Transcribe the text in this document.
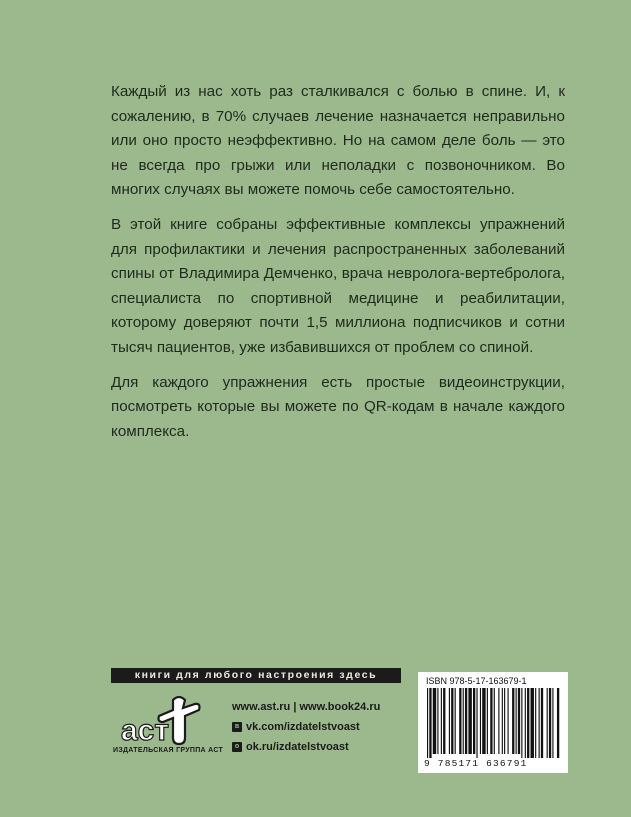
Каждый из нас хоть раз сталкивался с болью в спине. И, к сожалению, в 70% случаев лечение назначается неправильно или оно просто неэффективно. Но на самом деле боль — это не всегда про грыжи или неполадки с позвоночником. Во многих случаях вы можете помочь себе самостоятельно.

В этой книге собраны эффективные комплексы упражнений для профилактики и лечения распространенных заболеваний спины от Владимира Демченко, врача невролога-вертебролога, специалиста по спортивной медицине и реабилитации, которому доверяют почти 1,5 миллиона подписчиков и сотни тысяч пациентов, уже избавившихся от проблем со спиной.

Для каждого упражнения есть простые видеоинструкции, посмотреть которые вы можете по QR-кодам в начале каждого комплекса.

книги для любого настроения здесь
аст
ИЗДАТЕЛЬСКАЯ ГРУППА АСТ
www.ast.ru | www.book24.ru
в vk.com/izdatelstvoast
о ok.ru/izdatelstvoast
ISBN 978-5-17-163679-1
9 785171 636791
